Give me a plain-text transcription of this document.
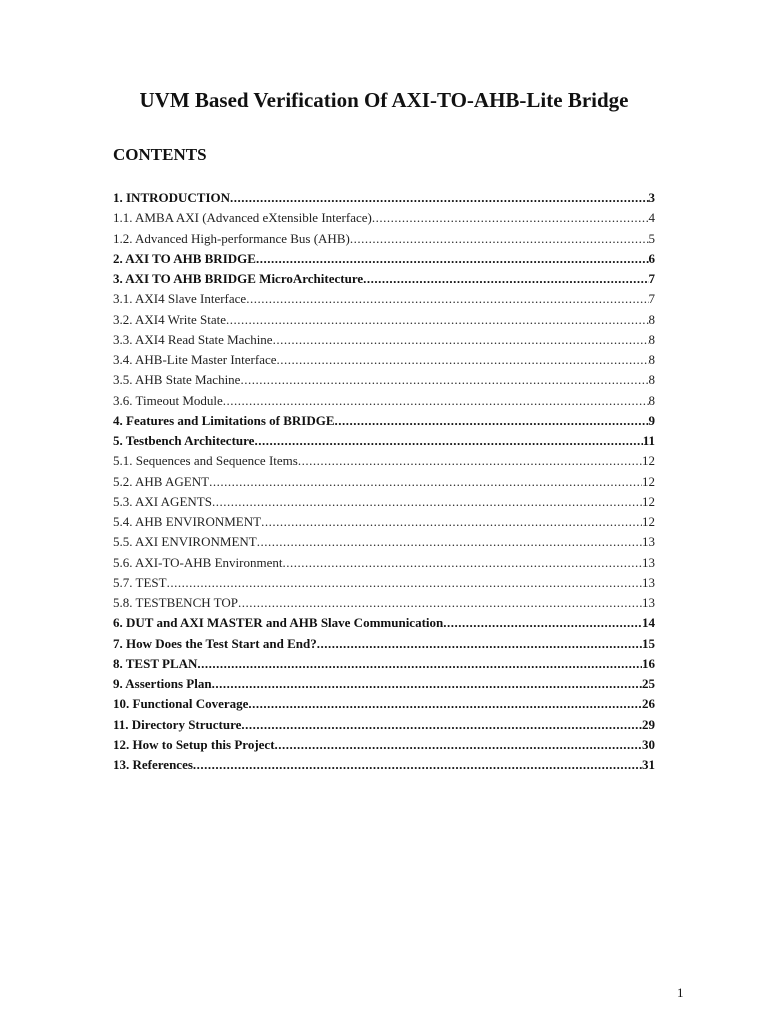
UVM Based Verification Of AXI-TO-AHB-Lite Bridge
CONTENTS
1. INTRODUCTION .....	3
1.1. AMBA AXI (Advanced eXtensible Interface) .....	4
1.2. Advanced High-performance Bus (AHB) .....	5
2. AXI TO AHB BRIDGE .....	6
3. AXI TO AHB BRIDGE MicroArchitecture .....	7
3.1. AXI4 Slave Interface .....	7
3.2. AXI4 Write State .....	8
3.3. AXI4 Read State Machine .....	8
3.4. AHB-Lite Master Interface .....	8
3.5. AHB State Machine .....	8
3.6. Timeout Module .....	8
4. Features and Limitations of BRIDGE .....	9
5. Testbench Architecture .....	11
5.1. Sequences and Sequence Items .....	12
5.2. AHB AGENT .....	12
5.3. AXI AGENTS .....	12
5.4. AHB ENVIRONMENT .....	12
5.5. AXI ENVIRONMENT .....	13
5.6. AXI-TO-AHB Environment .....	13
5.7. TEST .....	13
5.8. TESTBENCH TOP .....	13
6. DUT and AXI MASTER and AHB Slave Communication .....	14
7. How Does the Test Start and End? .....	15
8. TEST PLAN .....	16
9. Assertions Plan .....	25
10. Functional Coverage .....	26
11. Directory Structure .....	29
12. How to Setup this Project .....	30
13. References .....	31
1
